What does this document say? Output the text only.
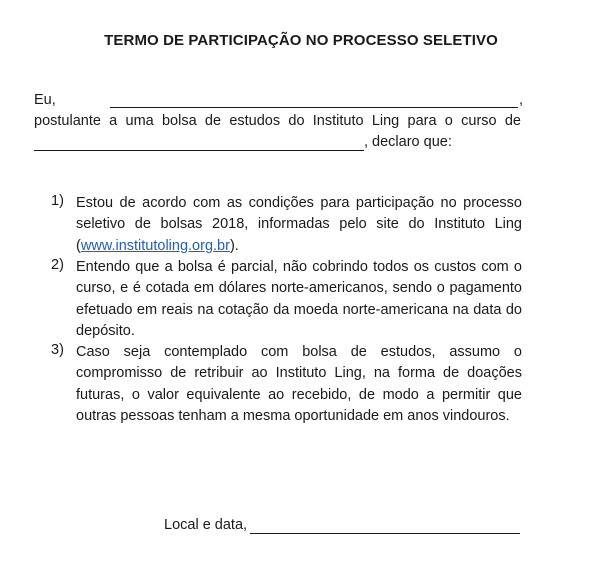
TERMO DE PARTICIPAÇÃO NO PROCESSO SELETIVO
Eu,	,
postulante a uma bolsa de estudos do Instituto Ling para o curso de
, declaro que:
1) Estou de acordo com as condições para participação no processo
seletivo de bolsas 2018, informadas pelo site do Instituto Ling
(www.institutoling.org.br).
2) Entendo que a bolsa é parcial, não cobrindo todos os custos com o
curso, e é cotada em dólares norte-americanos, sendo o pagamento
efetuado em reais na cotação da moeda norte-americana na data do
depósito.
3) Caso seja contemplado com bolsa de estudos, assumo o
compromisso de retribuir ao Instituto Ling, na forma de doações
futuras, o valor equivalente ao recebido, de modo a permitir que
outras pessoas tenham a mesma oportunidade em anos vindouros.
Local e data,
